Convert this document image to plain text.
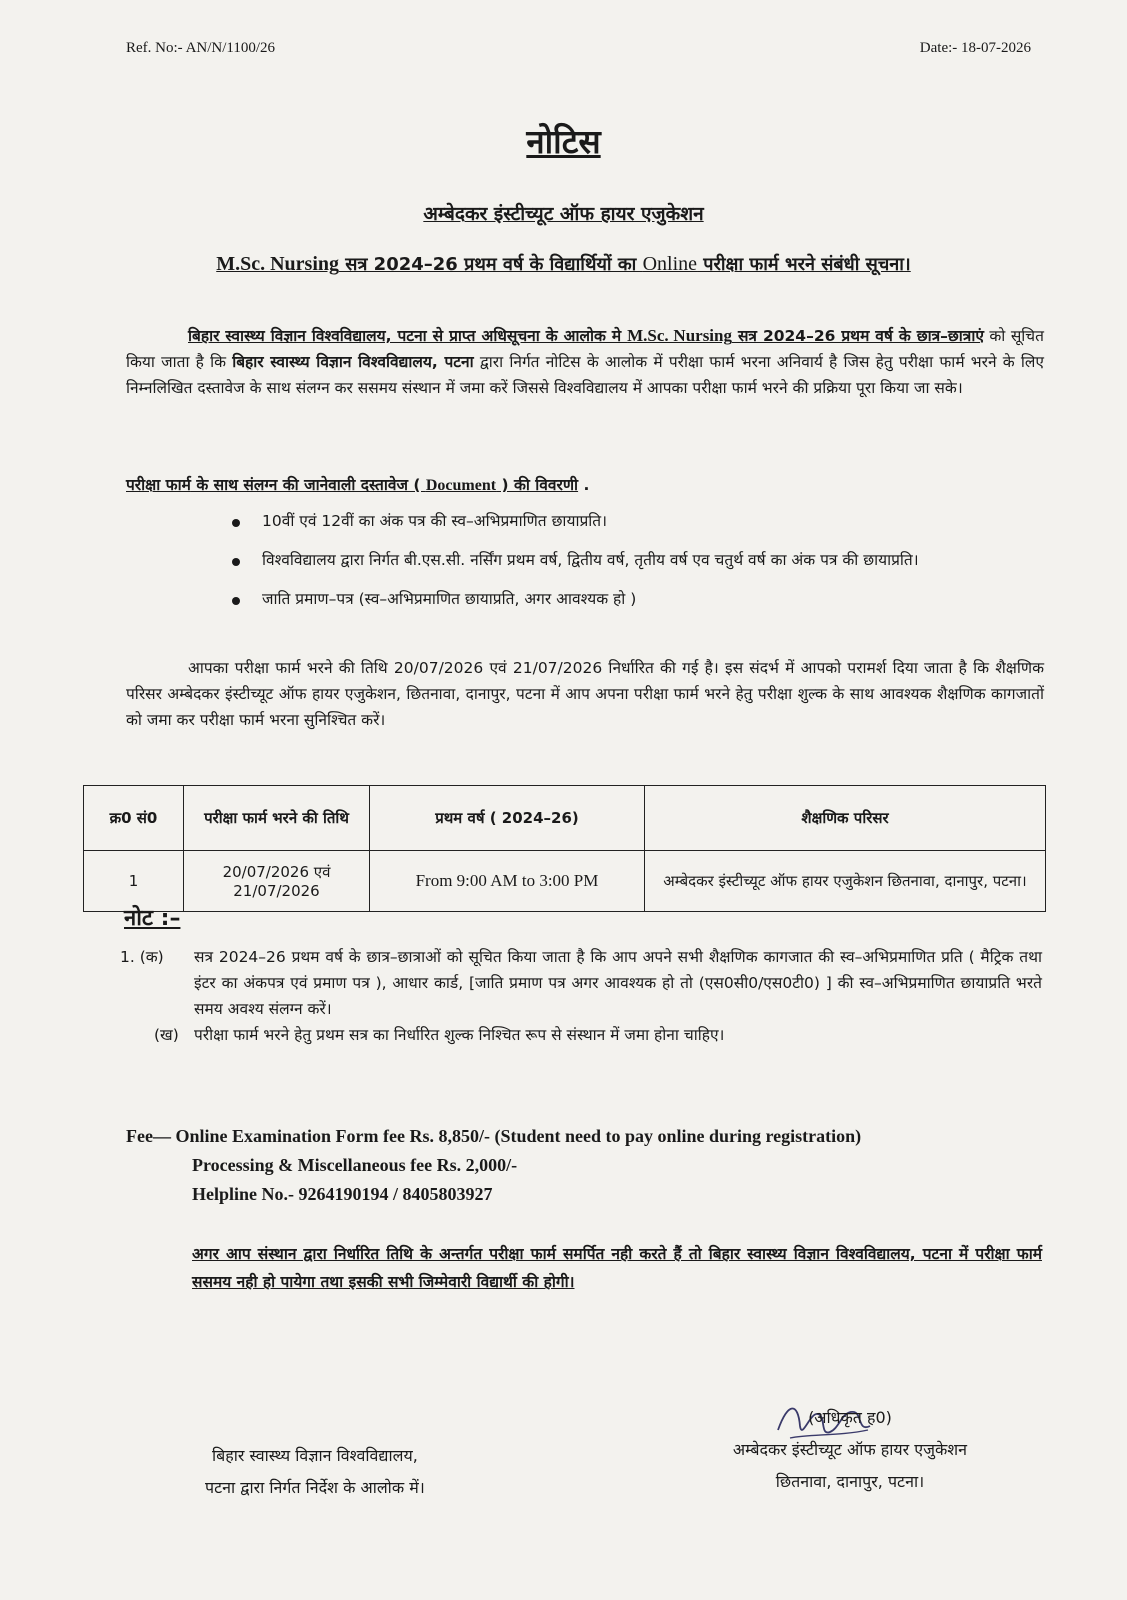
Ref. No:- AN/N/1100/26	Date:- 18-07-2026
नोटिस
अम्बेदकर इंस्टीच्यूट ऑफ हायर एजुकेशन
M.Sc. Nursing सत्र 2024–26 प्रथम वर्ष के विद्यार्थियों का Online परीक्षा फार्म भरने संबंधी सूचना।
बिहार स्वास्थ्य विज्ञान विश्वविद्यालय, पटना से प्राप्त अधिसूचना के आलोक मे M.Sc. Nursing सत्र 2024–26 प्रथम वर्ष के छात्र–छात्राएं को सूचित किया जाता है कि बिहार स्वास्थ्य विज्ञान विश्वविद्यालय, पटना द्वारा निर्गत नोटिस के आलोक में परीक्षा फार्म भरना अनिवार्य है जिस हेतु परीक्षा फार्म भरने के लिए निम्नलिखित दस्तावेज के साथ संलग्न कर ससमय संस्थान में जमा करें जिससे विश्वविद्यालय में आपका परीक्षा फार्म भरने की प्रक्रिया पूरा किया जा सके।
परीक्षा फार्म के साथ संलग्न की जानेवाली दस्तावेज ( Document ) की विवरणी .
10वीं एवं 12वीं का अंक पत्र की स्व–अभिप्रमाणित छायाप्रति।
विश्वविद्यालय द्वारा निर्गत बी.एस.सी. नर्सिंग प्रथम वर्ष, द्वितीय वर्ष, तृतीय वर्ष एव चतुर्थ वर्ष का अंक पत्र की छायाप्रति।
जाति प्रमाण–पत्र (स्व–अभिप्रमाणित छायाप्रति, अगर आवश्यक हो )
आपका परीक्षा फार्म भरने की तिथि 20/07/2026 एवं 21/07/2026 निर्धारित की गई है। इस संदर्भ में आपको परामर्श दिया जाता है कि शैक्षणिक परिसर अम्बेदकर इंस्टीच्यूट ऑफ हायर एजुकेशन, छितनावा, दानापुर, पटना में आप अपना परीक्षा फार्म भरने हेतु परीक्षा शुल्क के साथ आवश्यक शैक्षणिक कागजातों को जमा कर परीक्षा फार्म भरना सुनिश्चित करें।
क्र0 सं0	परीक्षा फार्म भरने की तिथि	प्रथम वर्ष ( 2024–26)	शैक्षणिक परिसर
1	20/07/2026 एवं 21/07/2026	From 9:00 AM to 3:00 PM	अम्बेदकर इंस्टीच्यूट ऑफ हायर एजुकेशन छितनावा, दानापुर, पटना।
नोट :–
1. (क) सत्र 2024–26 प्रथम वर्ष के छात्र–छात्राओं को सूचित किया जाता है कि आप अपने सभी शैक्षणिक कागजात की स्व–अभिप्रमाणित प्रति ( मैट्रिक तथा इंटर का अंकपत्र एवं प्रमाण पत्र ), आधार कार्ड, [जाति प्रमाण पत्र अगर आवश्यक हो तो (एस0सी0/एस0टी0) ] की स्व–अभिप्रमाणित छायाप्रति भरते समय अवश्य संलग्न करें।
(ख) परीक्षा फार्म भरने हेतु प्रथम सत्र का निर्धारित शुल्क निश्चित रूप से संस्थान में जमा होना चाहिए।
Fee— Online Examination Form fee Rs. 8,850/- (Student need to pay online during registration)
Processing & Miscellaneous fee Rs. 2,000/-
Helpline No.- 9264190194 / 8405803927
अगर आप संस्थान द्वारा निर्धारित तिथि के अन्तर्गत परीक्षा फार्म समर्पित नही करते हैं तो बिहार स्वास्थ्य विज्ञान विश्वविद्यालय, पटना में परीक्षा फार्म ससमय नही हो पायेगा तथा इसकी सभी जिम्मेवारी विद्यार्थी की होगी।
बिहार स्वास्थ्य विज्ञान विश्वविद्यालय,
पटना द्वारा निर्गत निर्देश के आलोक में।
(अधिकृत ह0)
अम्बेदकर इंस्टीच्यूट ऑफ हायर एजुकेशन
छितनावा, दानापुर, पटना।
